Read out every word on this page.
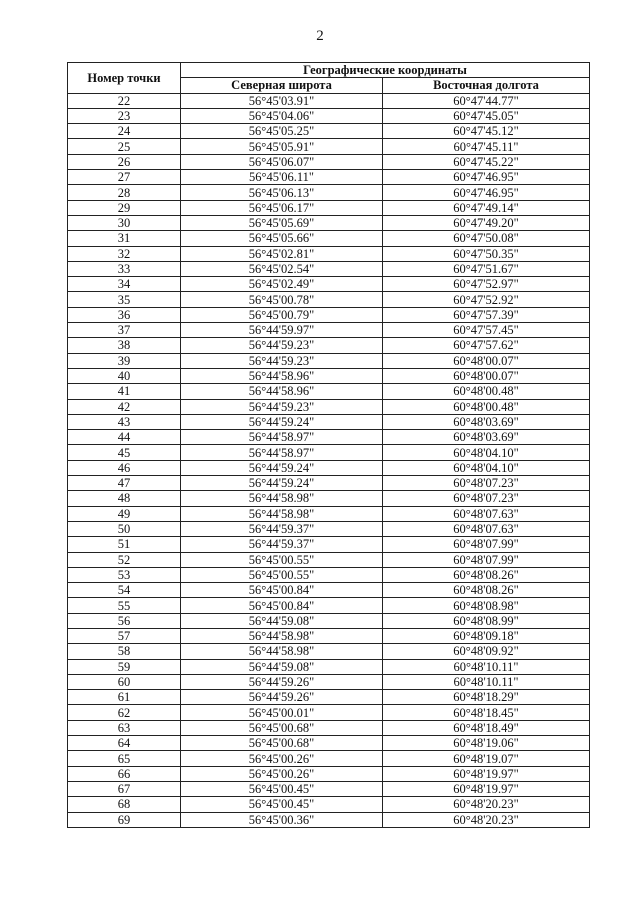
2
Номер точки	Географические координаты	
	Северная широта	Восточная долгота
22	56°45'03.91"	60°47'44.77"
23	56°45'04.06"	60°47'45.05"
24	56°45'05.25"	60°47'45.12"
25	56°45'05.91"	60°47'45.11"
26	56°45'06.07"	60°47'45.22"
27	56°45'06.11"	60°47'46.95"
28	56°45'06.13"	60°47'46.95"
29	56°45'06.17"	60°47'49.14"
30	56°45'05.69"	60°47'49.20"
31	56°45'05.66"	60°47'50.08"
32	56°45'02.81"	60°47'50.35"
33	56°45'02.54"	60°47'51.67"
34	56°45'02.49"	60°47'52.97"
35	56°45'00.78"	60°47'52.92"
36	56°45'00.79"	60°47'57.39"
37	56°44'59.97"	60°47'57.45"
38	56°44'59.23"	60°47'57.62"
39	56°44'59.23"	60°48'00.07"
40	56°44'58.96"	60°48'00.07"
41	56°44'58.96"	60°48'00.48"
42	56°44'59.23"	60°48'00.48"
43	56°44'59.24"	60°48'03.69"
44	56°44'58.97"	60°48'03.69"
45	56°44'58.97"	60°48'04.10"
46	56°44'59.24"	60°48'04.10"
47	56°44'59.24"	60°48'07.23"
48	56°44'58.98"	60°48'07.23"
49	56°44'58.98"	60°48'07.63"
50	56°44'59.37"	60°48'07.63"
51	56°44'59.37"	60°48'07.99"
52	56°45'00.55"	60°48'07.99"
53	56°45'00.55"	60°48'08.26"
54	56°45'00.84"	60°48'08.26"
55	56°45'00.84"	60°48'08.98"
56	56°44'59.08"	60°48'08.99"
57	56°44'58.98"	60°48'09.18"
58	56°44'58.98"	60°48'09.92"
59	56°44'59.08"	60°48'10.11"
60	56°44'59.26"	60°48'10.11"
61	56°44'59.26"	60°48'18.29"
62	56°45'00.01"	60°48'18.45"
63	56°45'00.68"	60°48'18.49"
64	56°45'00.68"	60°48'19.06"
65	56°45'00.26"	60°48'19.07"
66	56°45'00.26"	60°48'19.97"
67	56°45'00.45"	60°48'19.97"
68	56°45'00.45"	60°48'20.23"
69	56°45'00.36"	60°48'20.23"
